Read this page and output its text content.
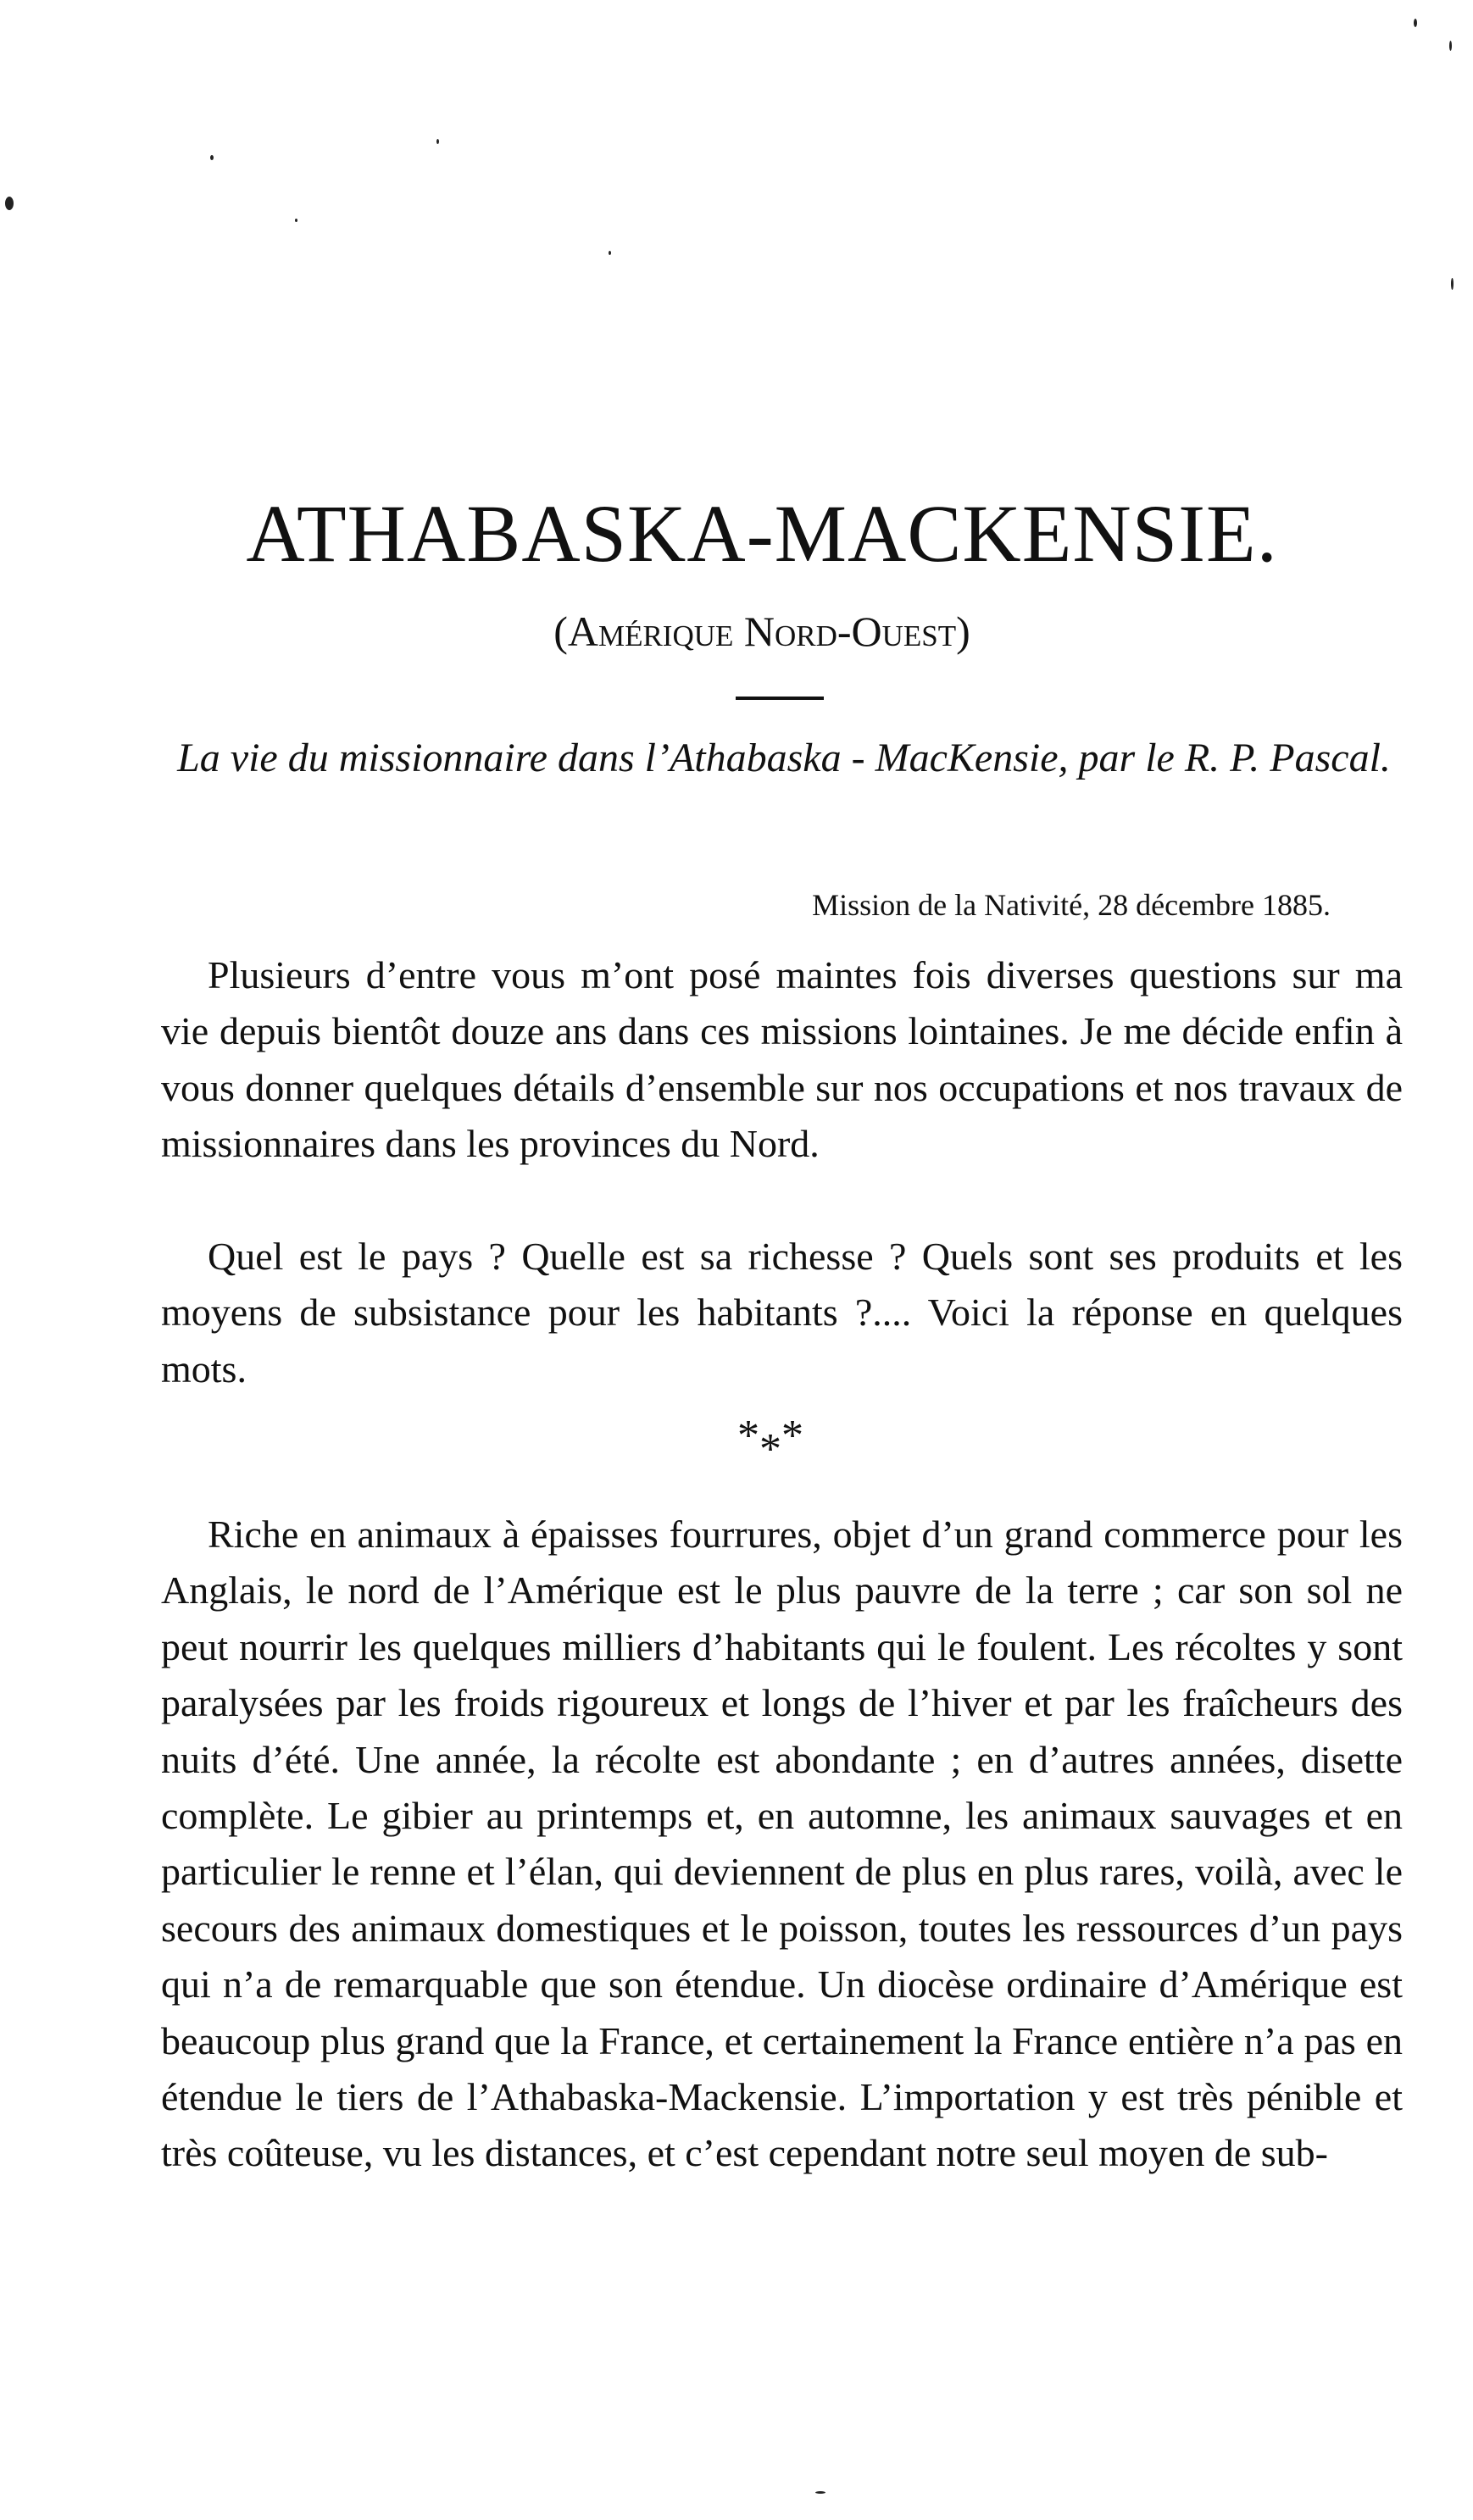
ATHABASKA-MACKENSIE.
(Amérique Nord-Ouest)
La vie du missionnaire dans l’Athabaska - MacKensie, par le R. P. Pascal.
Mission de la Nativité, 28 décembre 1885.

Plusieurs d’entre vous m’ont posé maintes fois diverses questions sur ma vie depuis bientôt douze ans dans ces missions lointaines. Je me décide enfin à vous donner quelques détails d’ensemble sur nos occupations et nos travaux de missionnaires dans les provinces du Nord.

Quel est le pays ? Quelle est sa richesse ? Quels sont ses produits et les moyens de subsistance pour les habitants ?.... Voici la réponse en quelques mots.

***

Riche en animaux à épaisses fourrures, objet d’un grand commerce pour les Anglais, le nord de l’Amérique est le plus pauvre de la terre ; car son sol ne peut nourrir les quelques milliers d’habitants qui le foulent. Les récoltes y sont paralysées par les froids rigoureux et longs de l’hiver et par les fraîcheurs des nuits d’été. Une année, la récolte est abondante ; en d’autres années, disette complète. Le gibier au printemps et, en automne, les animaux sauvages et en particulier le renne et l’élan, qui deviennent de plus en plus rares, voilà, avec le secours des animaux domestiques et le poisson, toutes les ressources d’un pays qui n’a de remarquable que son étendue. Un diocèse ordinaire d’Amérique est beaucoup plus grand que la France, et certainement la France entière n’a pas en étendue le tiers de l’Athabaska-Mackensie. L’importation y est très pénible et très coûteuse, vu les distances, et c’est cependant notre seul moyen de sub-
